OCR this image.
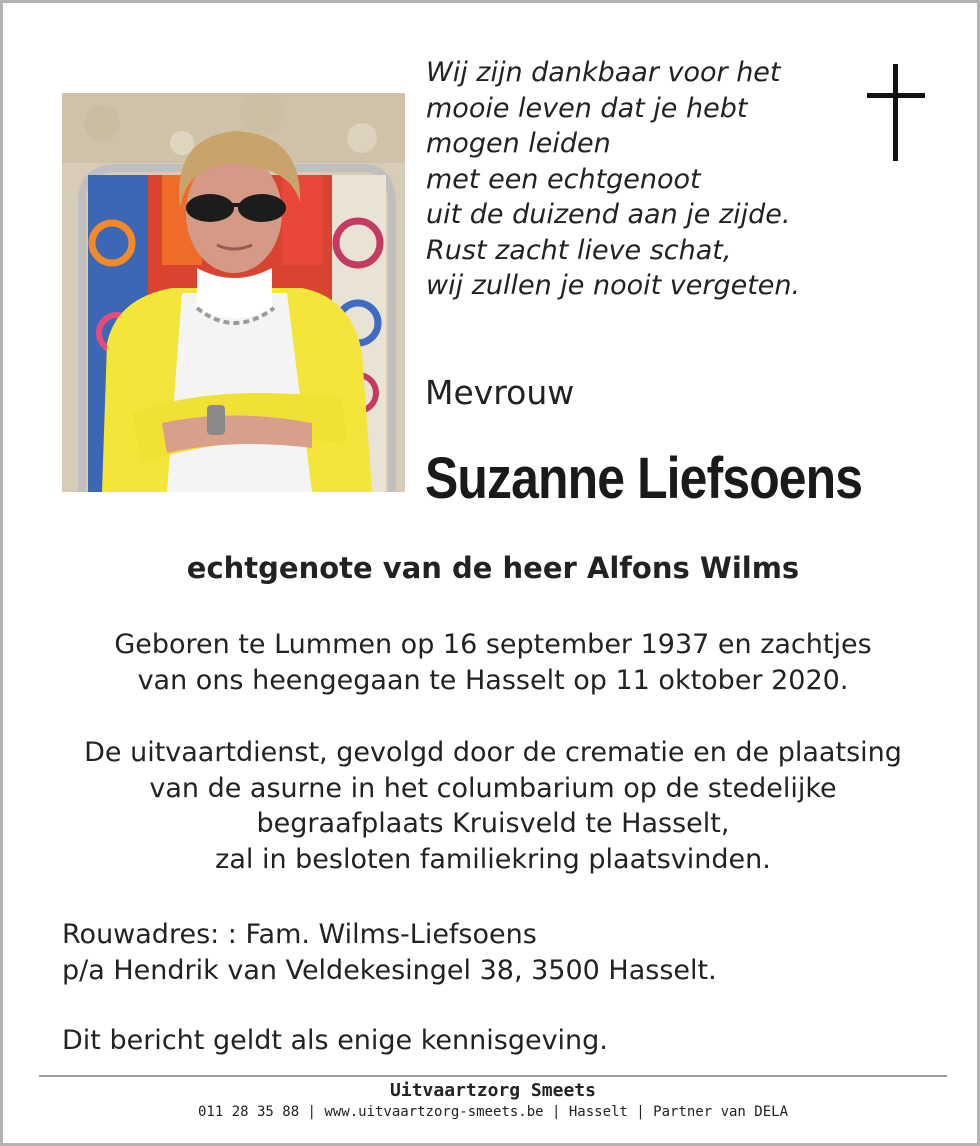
Wij zijn dankbaar voor het
mooie leven dat je hebt
mogen leiden
met een echtgenoot
uit de duizend aan je zijde.
Rust zacht lieve schat,
wij zullen je nooit vergeten.
Mevrouw
Suzanne Liefsoens
echtgenote van de heer Alfons Wilms
Geboren te Lummen op 16 september 1937 en zachtjes
van ons heengegaan te Hasselt op 11 oktober 2020.
De uitvaartdienst, gevolgd door de crematie en de plaatsing
van de asurne in het columbarium op de stedelijke
begraafplaats Kruisveld te Hasselt,
zal in besloten familiekring plaatsvinden.
Rouwadres: : Fam. Wilms-Liefsoens
p/a Hendrik van Veldekesingel 38, 3500 Hasselt.
Dit bericht geldt als enige kennisgeving.
Uitvaartzorg Smeets
011 28 35 88 | www.uitvaartzorg-smeets.be | Hasselt | Partner van DELA
